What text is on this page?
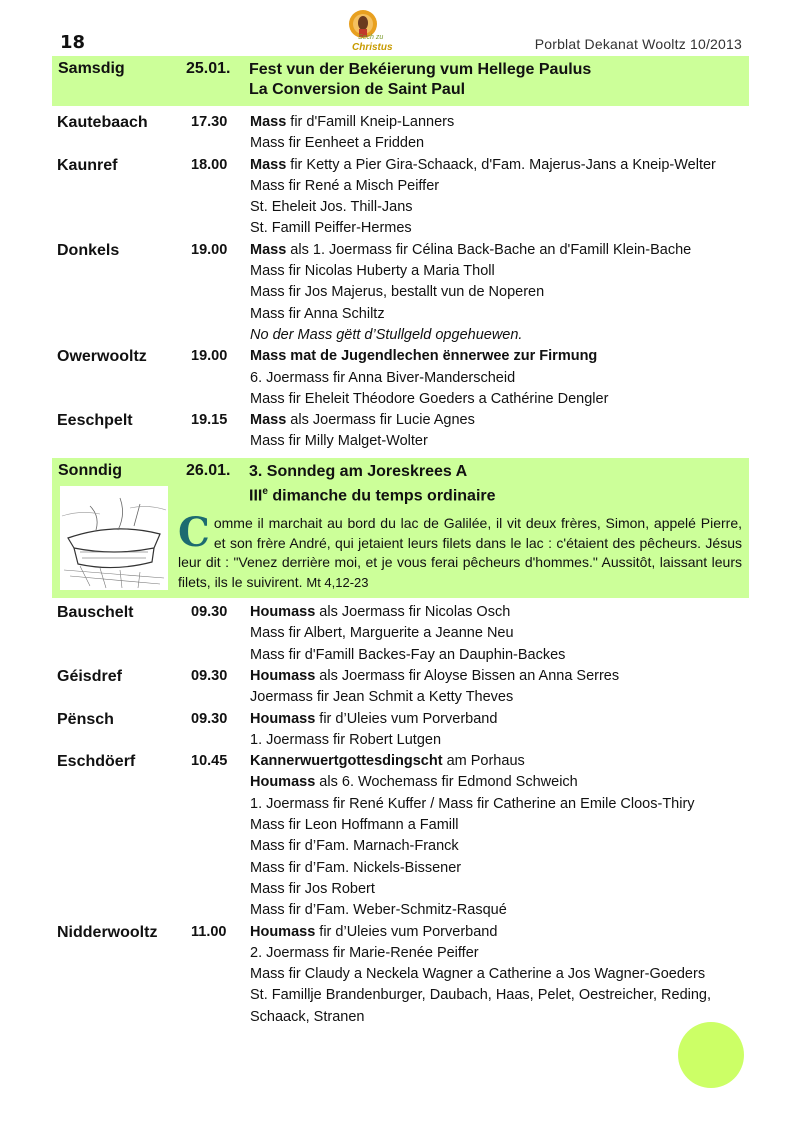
18	Sech zu
Christus	Porblat Dekanat Wooltz 10/2013
Samsdig	25.01. Fest vun der Bekéierung vum Hellege Paulus
La Conversion de Saint Paul
Kautebaach	17.30 Mass fir d'Famill Kneip-Lanners
Mass fir Eenheet a Fridden
Kaunref	18.00 Mass fir Ketty a Pier Gira-Schaack, d'Fam. Majerus-Jans a Kneip-Welter
Mass fir René a Misch Peiffer
St. Eheleit Jos. Thill-Jans
St. Famill Peiffer-Hermes
Donkels	19.00 Mass als 1. Joermass fir Célina Back-Bache an d'Famill Klein-Bache
Mass fir Nicolas Huberty a Maria Tholl
Mass fir Jos Majerus, bestallt vun de Noperen
Mass fir Anna Schiltz
No der Mass gëtt d’Stullgeld opgehuewen.
Owerwooltz	19.00 Mass mat de Jugendlechen ënnerwee zur Firmung
6. Joermass fir Anna Biver-Manderscheid
Mass fir Eheleit Théodore Goeders a Cathérine Dengler
Eeschpelt	19.15 Mass als Joermass fir Lucie Agnes
Mass fir Milly Malget-Wolter
Sonndig	26.01. 3. Sonndeg am Joreskrees A
IIIe dimanche du temps ordinaire
Comme il marchait au bord du lac de Galilée, il vit deux frères, Simon, appelé Pierre, et son frère André, qui jetaient leurs filets dans le lac : c'étaient des pêcheurs. Jésus leur dit : "Venez derrière moi, et je vous ferai pêcheurs d'hommes." Aussitôt, laissant leurs filets, ils le suivirent. Mt 4,12-23
Bauschelt	09.30 Houmass als Joermass fir Nicolas Osch
Mass fir Albert, Marguerite a Jeanne Neu
Mass fir d'Famill Backes-Fay an Dauphin-Backes
Géisdref	09.30 Houmass als Joermass fir Aloyse Bissen an Anna Serres
Joermass fir Jean Schmit a Ketty Theves
Pënsch	09.30 Houmass fir d’Uleies vum Porverband
1. Joermass fir Robert Lutgen
Eschdöerf	10.45 Kannerwuertgottesdingscht am Porhaus
Houmass als 6. Wochemass fir Edmond Schweich
1. Joermass fir René Kuffer / Mass fir Catherine an Emile Cloos-Thiry
Mass fir Leon Hoffmann a Famill
Mass fir d’Fam. Marnach-Franck
Mass fir d’Fam. Nickels-Bissener
Mass fir Jos Robert
Mass fir d’Fam. Weber-Schmitz-Rasqué
Nidderwooltz 11.00 Houmass fir d’Uleies vum Porverband
2. Joermass fir Marie-Renée Peiffer
Mass fir Claudy a Neckela Wagner a Catherine a Jos Wagner-Goeders
St. Famillje Brandenburger, Daubach, Haas, Pelet, Oestreicher, Reding,
Schaack, Stranen
